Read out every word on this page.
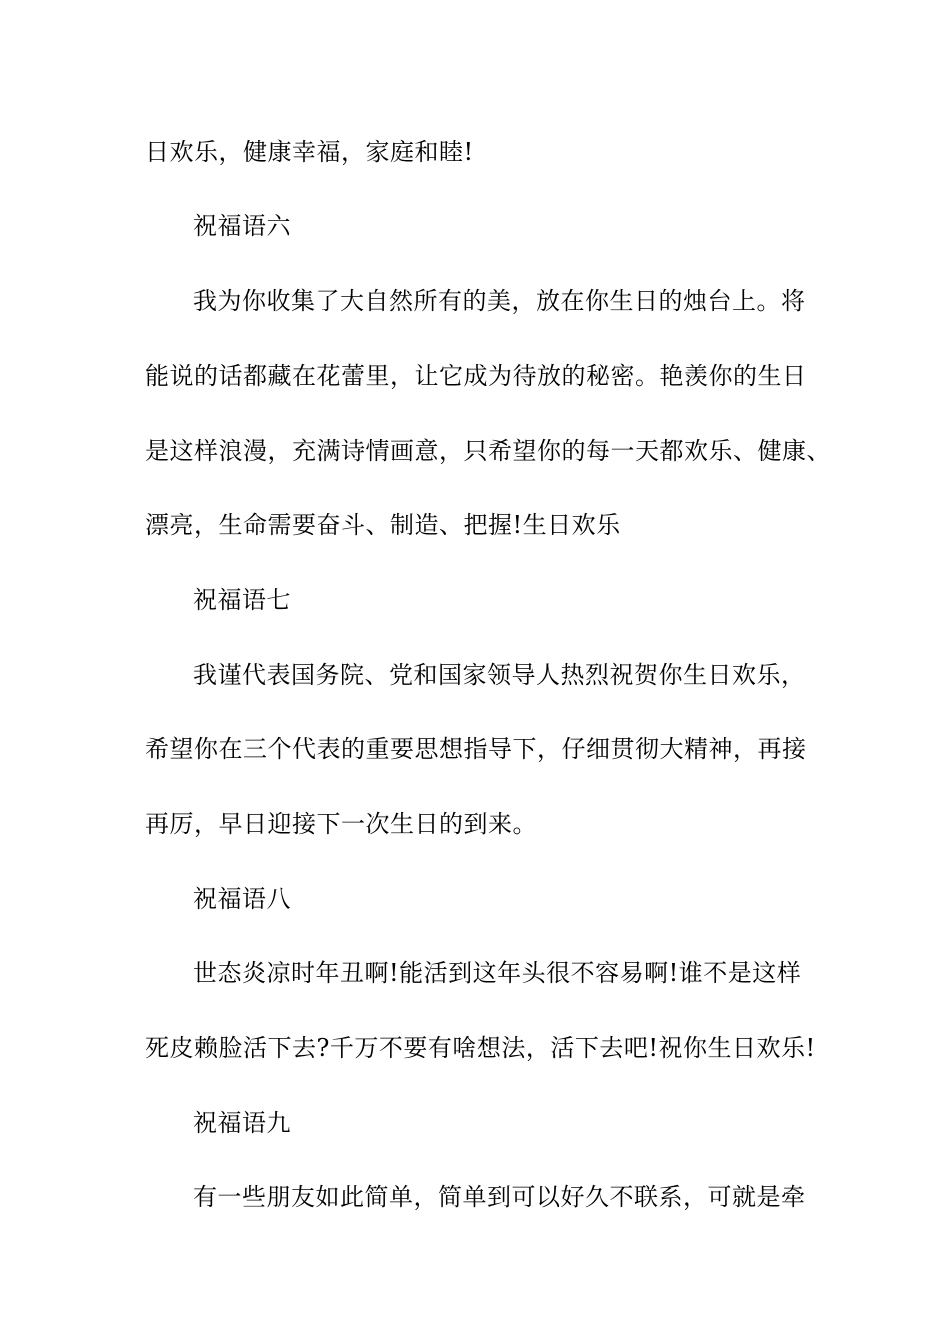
日欢乐，健康幸福，家庭和睦!
祝福语六
我为你收集了大自然所有的美，放在你生日的烛台上。将
能说的话都藏在花蕾里，让它成为待放的秘密。艳羡你的生日
是这样浪漫，充满诗情画意，只希望你的每一天都欢乐、健康、
漂亮，生命需要奋斗、制造、把握!生日欢乐
祝福语七
我谨代表国务院、党和国家领导人热烈祝贺你生日欢乐，
希望你在三个代表的重要思想指导下，仔细贯彻大精神，再接
再厉，早日迎接下一次生日的到来。
祝福语八
世态炎凉时年丑啊!能活到这年头很不容易啊!谁不是这样
死皮赖脸活下去?千万不要有啥想法，活下去吧!祝你生日欢乐!
祝福语九
有一些朋友如此简单，简单到可以好久不联系，可就是牵
